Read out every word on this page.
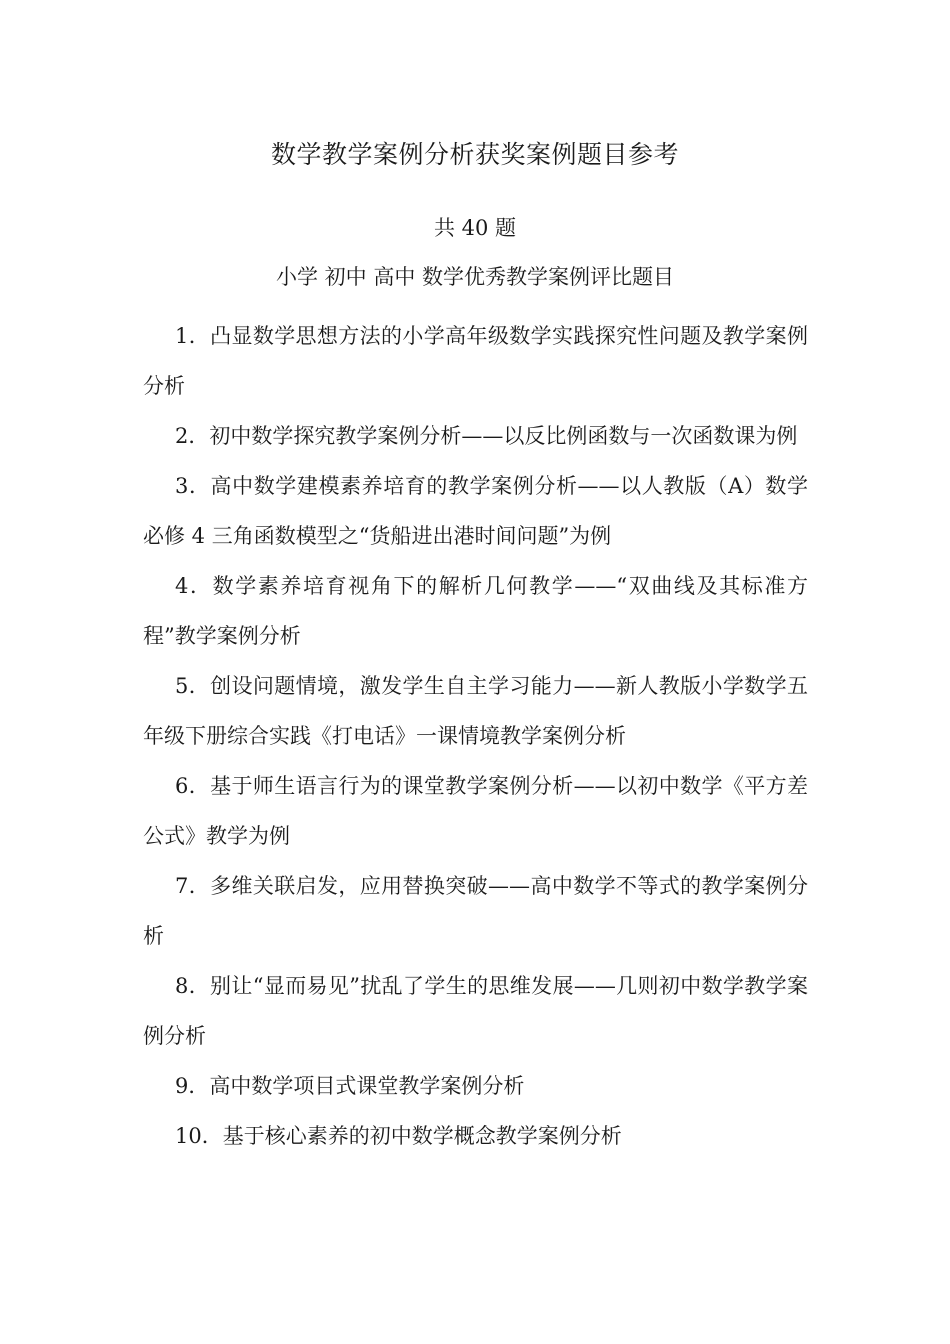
数学教学案例分析获奖案例题目参考
共 40 题
小学 初中 高中 数学优秀教学案例评比题目
1．凸显数学思想方法的小学高年级数学实践探究性问题及教学案例分析
2．初中数学探究教学案例分析——以反比例函数与一次函数课为例
3．高中数学建模素养培育的教学案例分析——以人教版（A）数学必修 4 三角函数模型之“货船进出港时间问题”为例
4．数学素养培育视角下的解析几何教学——“双曲线及其标准方程”教学案例分析
5．创设问题情境，激发学生自主学习能力——新人教版小学数学五年级下册综合实践《打电话》一课情境教学案例分析
6．基于师生语言行为的课堂教学案例分析——以初中数学《平方差公式》教学为例
7．多维关联启发，应用替换突破——高中数学不等式的教学案例分析
8．别让“显而易见”扰乱了学生的思维发展——几则初中数学教学案例分析
9．高中数学项目式课堂教学案例分析
10．基于核心素养的初中数学概念教学案例分析
